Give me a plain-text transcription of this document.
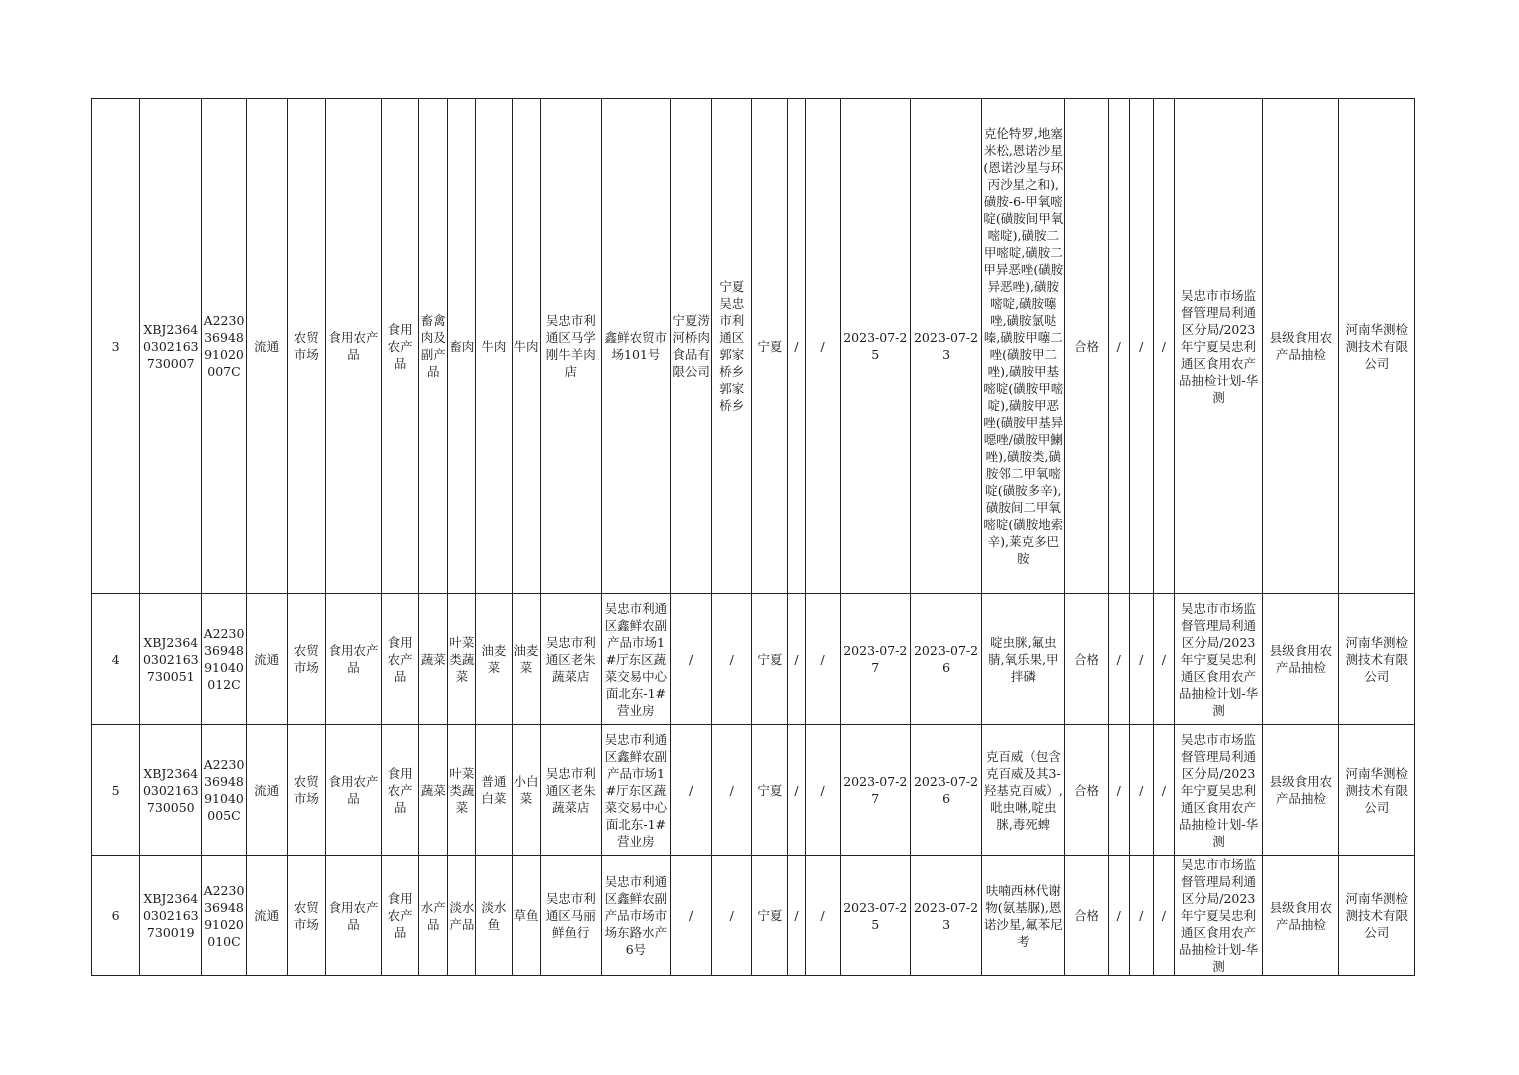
3	XBJ23640302163730007	A22303694891020007C	流通	农贸市场	食用农产品	食用农产品	畜禽肉及副产品	畜肉	牛肉	牛肉	吴忠市利通区马学刚牛羊肉店	鑫鲜农贸市场101号	宁夏涝河桥肉食品有限公司	宁夏吴忠市利通区郭家桥乡郭家桥乡	宁夏	/	/	2023-07-25	2023-07-23	克伦特罗,地塞米松,恩诺沙星(恩诺沙星与环丙沙星之和),磺胺-6-甲氧嘧啶(磺胺间甲氧嘧啶),磺胺二甲嘧啶,磺胺二甲异恶唑(磺胺异恶唑),磺胺嘧啶,磺胺噻唑,磺胺氯哒嗪,磺胺甲噻二唑(磺胺甲二唑),磺胺甲基嘧啶(磺胺甲嘧啶),磺胺甲恶唑(磺胺甲基异噁唑/磺胺甲鯻唑),磺胺类,磺胺邻二甲氧嘧啶(磺胺多辛),磺胺间二甲氧嘧啶(磺胺地索辛),莱克多巴胺	合格	/	/	/	吴忠市市场监督管理局利通区分局/2023年宁夏吴忠利通区食用农产品抽检计划-华测	县级食用农产品抽检	河南华测检测技术有限公司
4	XBJ23640302163730051	A22303694891040012C	流通	农贸市场	食用农产品	食用农产品	蔬菜	叶菜类蔬菜	油麦菜	油麦菜	吴忠市利通区老朱蔬菜店	吴忠市利通区鑫鲜农副产品市场1#厅东区蔬菜交易中心面北东-1#营业房	/	/	宁夏	/	/	2023-07-27	2023-07-26	啶虫脒,氟虫腈,氧乐果,甲拌磷	合格	/	/	/	吴忠市市场监督管理局利通区分局/2023年宁夏吴忠利通区食用农产品抽检计划-华测	县级食用农产品抽检	河南华测检测技术有限公司
5	XBJ23640302163730050	A22303694891040005C	流通	农贸市场	食用农产品	食用农产品	蔬菜	叶菜类蔬菜	普通白菜	小白菜	吴忠市利通区老朱蔬菜店	吴忠市利通区鑫鲜农副产品市场1#厅东区蔬菜交易中心面北东-1#营业房	/	/	宁夏	/	/	2023-07-27	2023-07-26	克百威（包含克百威及其3-羟基克百威）,吡虫啉,啶虫脒,毒死蜱	合格	/	/	/	吴忠市市场监督管理局利通区分局/2023年宁夏吴忠利通区食用农产品抽检计划-华测	县级食用农产品抽检	河南华测检测技术有限公司
6	XBJ23640302163730019	A22303694891020010C	流通	农贸市场	食用农产品	食用农产品	水产品	淡水产品	淡水鱼	草鱼	吴忠市利通区马丽鲜鱼行	吴忠市利通区鑫鲜农副产品市场市场东路水产6号	/	/	宁夏	/	/	2023-07-25	2023-07-23	呋喃西林代谢物(氨基脲),恩诺沙星,氟苯尼考	合格	/	/	/	吴忠市市场监督管理局利通区分局/2023年宁夏吴忠利通区食用农产品抽检计划-华测	县级食用农产品抽检	河南华测检测技术有限公司
